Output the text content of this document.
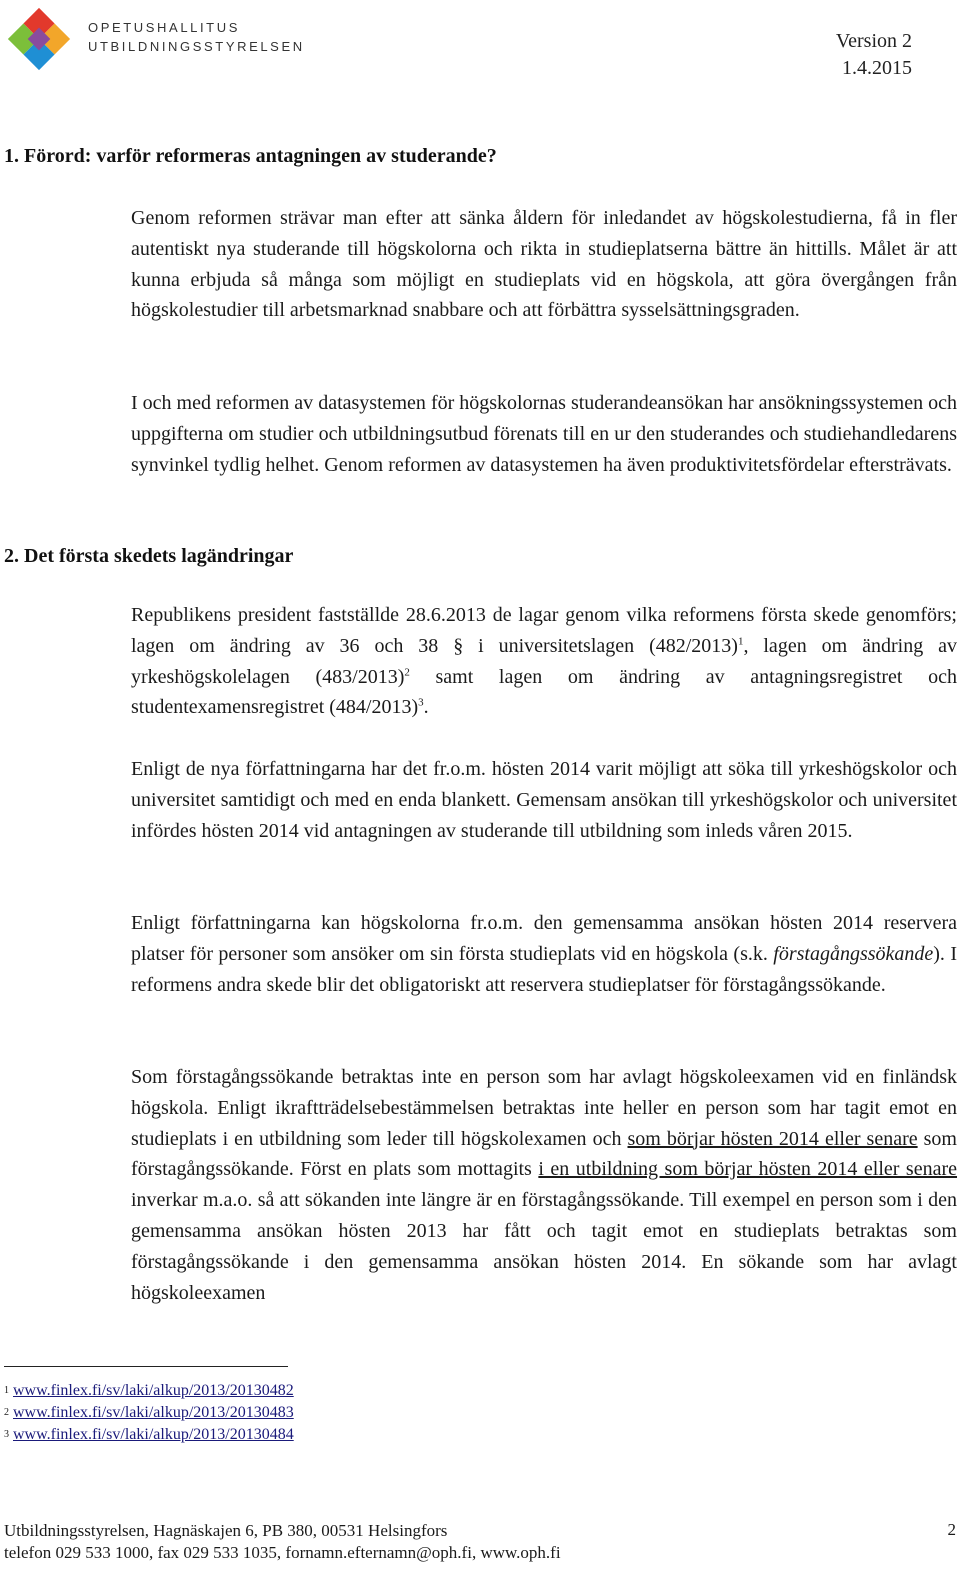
OPETUSHALLITUS
UTBILDNINGSSTYRELSEN	Version 2
1.4.2015
1. Förord: varför reformeras antagningen av studerande?

Genom reformen strävar man efter att sänka åldern för inledandet av högskolestudierna, få in fler autentiskt nya studerande till högskolorna och rikta in studieplatserna bättre än hittills. Målet är att kunna erbjuda så många som möjligt en studieplats vid en högskola, att göra övergången från högskolestudier till arbetsmarknad snabbare och att förbättra sysselsättningsgraden.

I och med reformen av datasystemen för högskolornas studerandeansökan har ansökningssystemen och uppgifterna om studier och utbildningsutbud förenats till en ur den studerandes och studiehandledarens synvinkel tydlig helhet. Genom reformen av datasystemen ha även produktivitetsfördelar eftersträvats.

2. Det första skedets lagändringar

Republikens president fastställde 28.6.2013 de lagar genom vilka reformens första skede genomförs; lagen om ändring av 36 och 38 § i universitetslagen (482/2013)$^1$, lagen om ändring av yrkeshögskolelagen (483/2013)$^2$ samt lagen om ändring av antagningsregistret och studentexamensregistret (484/2013)$^3$.

Enligt de nya författningarna har det fr.o.m. hösten 2014 varit möjligt att söka till yrkeshögskolor och universitet samtidigt och med en enda blankett. Gemensam ansökan till yrkeshögskolor och universitet infördes hösten 2014 vid antagningen av studerande till utbildning som inleds våren 2015.

Enligt författningarna kan högskolorna fr.o.m. den gemensamma ansökan hösten 2014 reservera platser för personer som ansöker om sin första studieplats vid en högskola (s.k. förstagångssökande). I reformens andra skede blir det obligatoriskt att reservera studieplatser för förstagångssökande.

Som förstagångssökande betraktas inte en person som har avlagt högskoleexamen vid en finländsk högskola. Enligt ikraftträdelsebestämmelsen betraktas inte heller en person som har tagit emot en studieplats i en utbildning som leder till högskolexamen och som börjar hösten 2014 eller senare som förstagångssökande. Först en plats som mottagits i en utbildning som börjar hösten 2014 eller senare inverkar m.a.o. så att sökanden inte längre är en förstagångssökande. Till exempel en person som i den gemensamma ansökan hösten 2013 har fått och tagit emot en studieplats betraktas som förstagångssökande i den gemensamma ansökan hösten 2014. En sökande som har avlagt högskoleexamen

$^1$ www.finlex.fi/sv/laki/alkup/2013/20130482
$^2$ www.finlex.fi/sv/laki/alkup/2013/20130483
$^3$ www.finlex.fi/sv/laki/alkup/2013/20130484
Utbildningsstyrelsen, Hagnäskajen 6, PB 380, 00531 Helsingfors
telefon 029 533 1000, fax 029 533 1035, fornamn.efternamn@oph.fi, www.oph.fi
2
